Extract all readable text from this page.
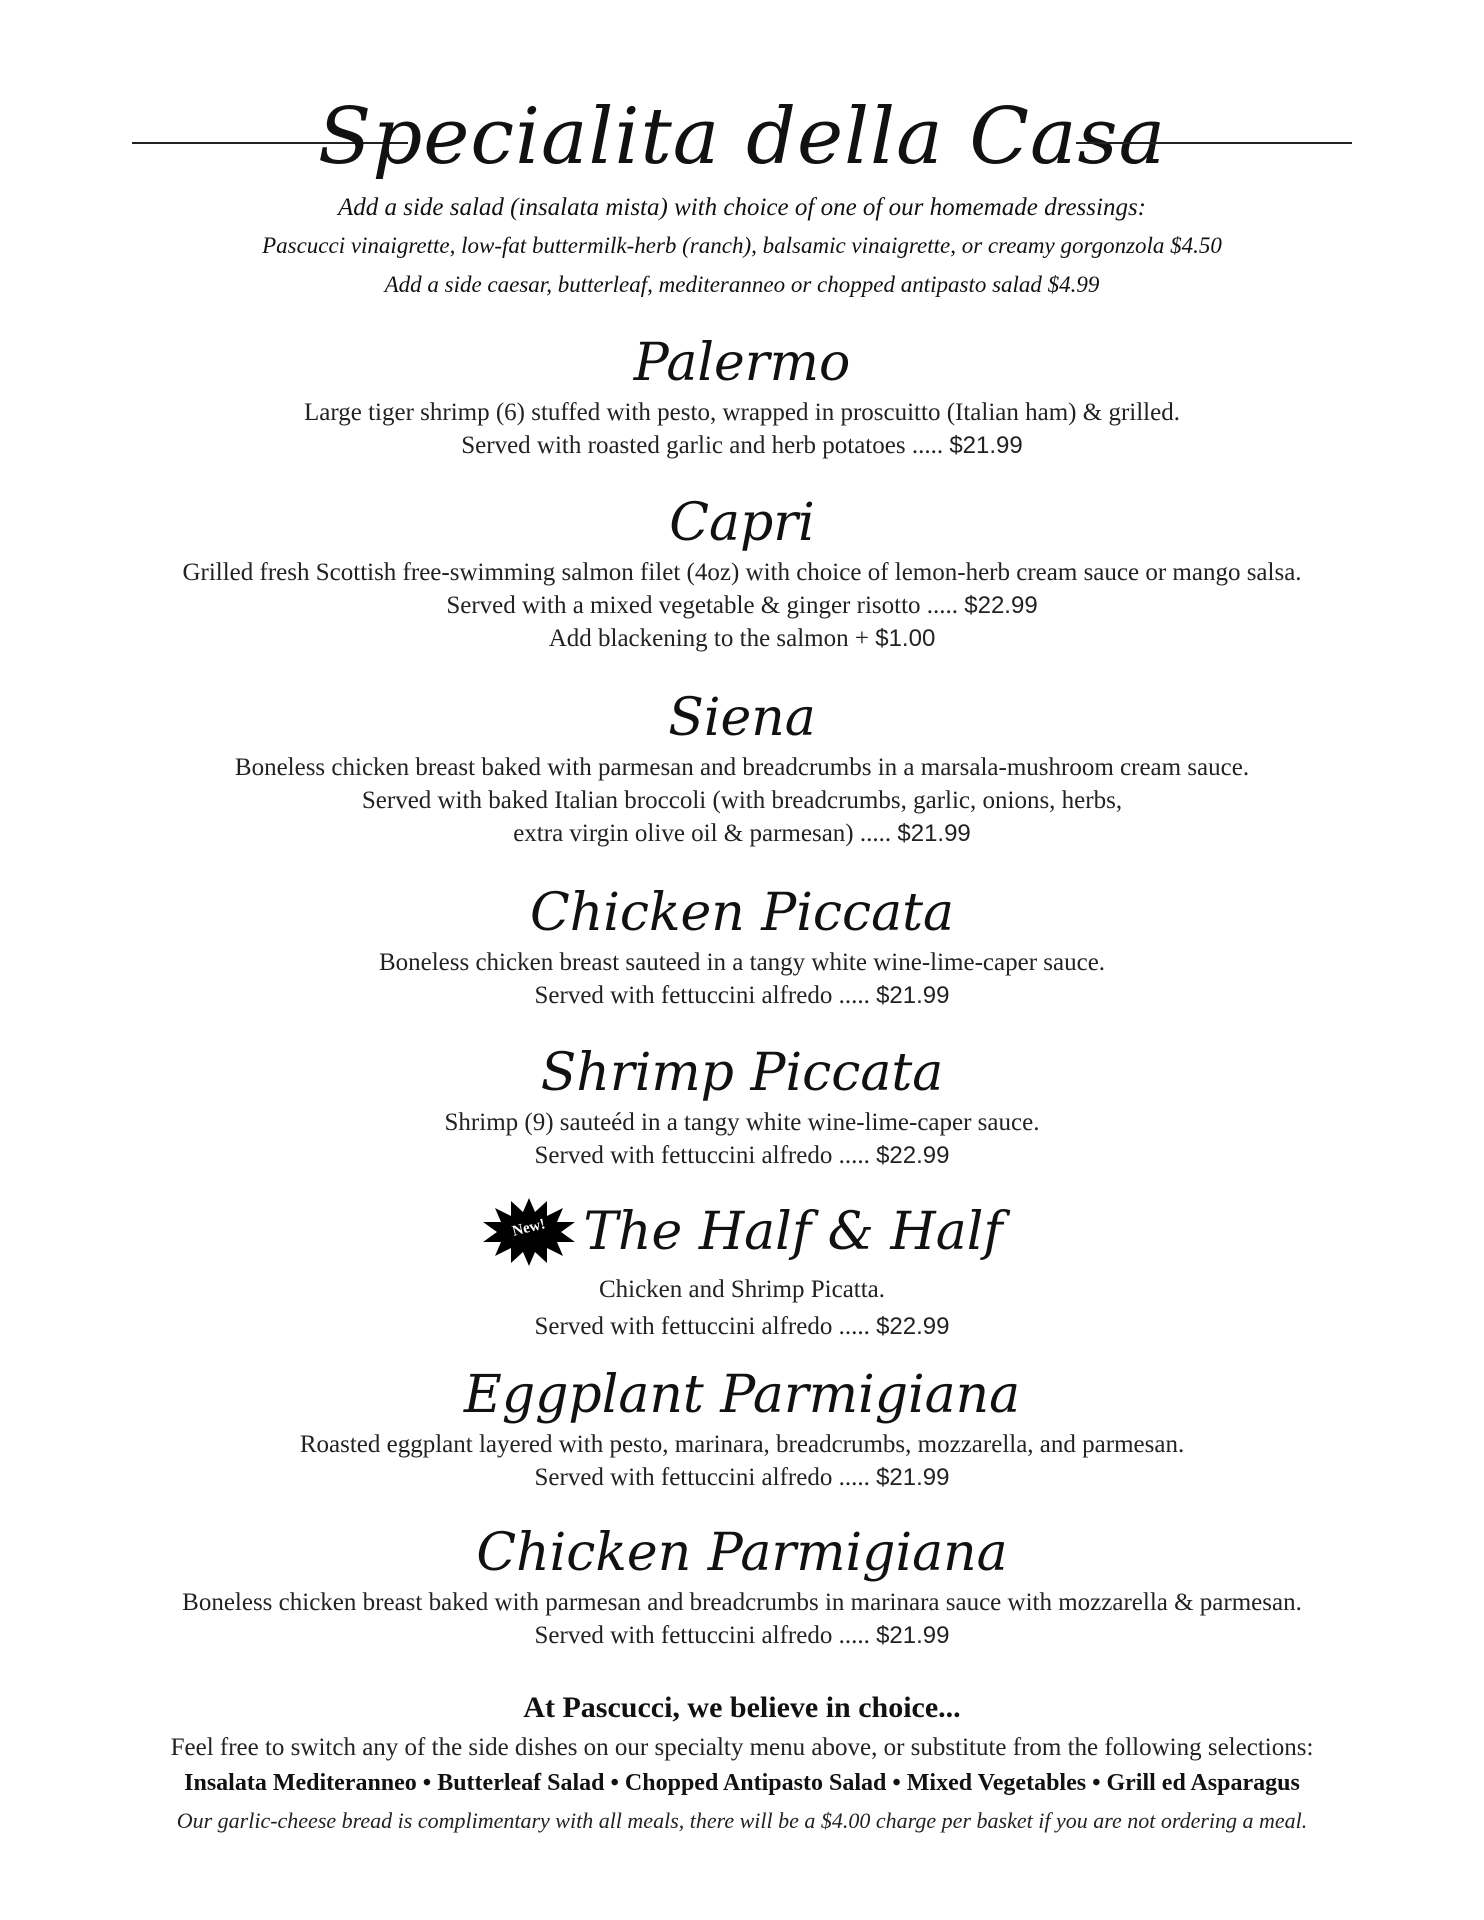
Specialita della Casa
Add a side salad (insalata mista) with choice of one of our homemade dressings:
Pascucci vinaigrette, low-fat buttermilk-herb (ranch), balsamic vinaigrette, or creamy gorgonzola $4.50
Add a side caesar, butterleaf, mediteranneo or chopped antipasto salad $4.99
Palermo
Large tiger shrimp (6) stuffed with pesto, wrapped in proscuitto (Italian ham) & grilled.
Served with roasted garlic and herb potatoes ..... $21.99
Capri
Grilled fresh Scottish free-swimming salmon filet (4oz) with choice of lemon-herb cream sauce or mango salsa.
Served with a mixed vegetable & ginger risotto ..... $22.99
Add blackening to the salmon + $1.00
Siena
Boneless chicken breast baked with parmesan and breadcrumbs in a marsala-mushroom cream sauce.
Served with baked Italian broccoli (with breadcrumbs, garlic, onions, herbs,
extra virgin olive oil & parmesan) ..... $21.99
Chicken Piccata
Boneless chicken breast sauteed in a tangy white wine-lime-caper sauce.
Served with fettuccini alfredo ..... $21.99
Shrimp Piccata
Shrimp (9) sauteéd in a tangy white wine-lime-caper sauce.
Served with fettuccini alfredo ..... $22.99
New! The Half & Half
Chicken and Shrimp Picatta.
Served with fettuccini alfredo ..... $22.99
Eggplant Parmigiana
Roasted eggplant layered with pesto, marinara, breadcrumbs, mozzarella, and parmesan.
Served with fettuccini alfredo ..... $21.99
Chicken Parmigiana
Boneless chicken breast baked with parmesan and breadcrumbs in marinara sauce with mozzarella & parmesan.
Served with fettuccini alfredo ..... $21.99
At Pascucci, we believe in choice...
Feel free to switch any of the side dishes on our specialty menu above, or substitute from the following selections:
Insalata Mediteranneo • Butterleaf Salad • Chopped Antipasto Salad • Mixed Vegetables • Grill ed Asparagus
Our garlic-cheese bread is complimentary with all meals, there will be a $4.00 charge per basket if you are not ordering a meal.
